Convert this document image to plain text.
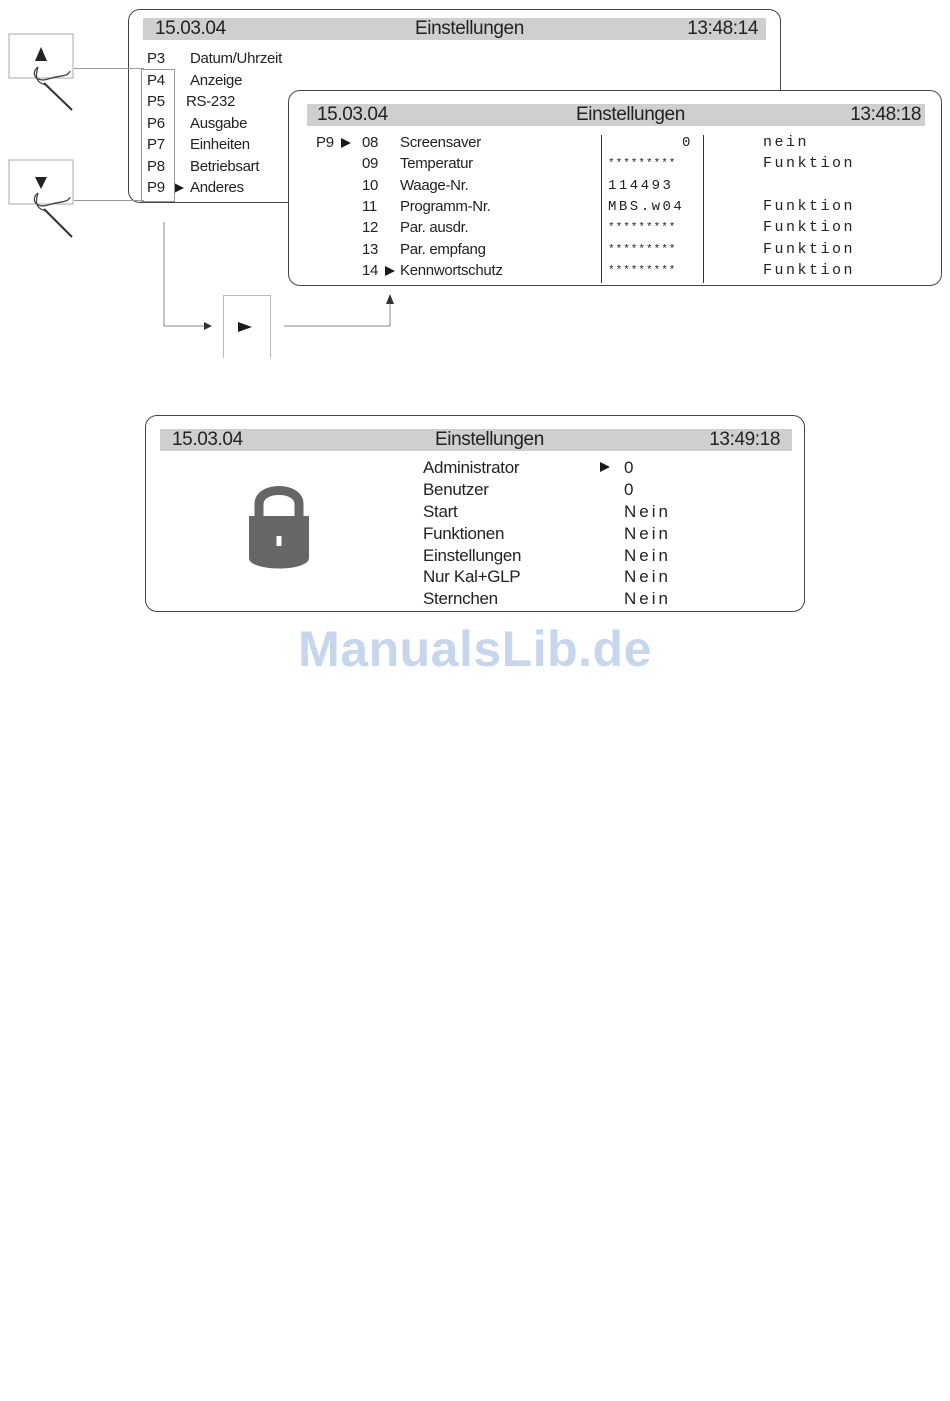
15.03.04	Einstellungen	13:48:14
P3 Datum/Uhrzeit
P4 Anzeige
P5 RS-232
P6 Ausgabe
P7 Einheiten
P8 Betriebsart
P9 Anderes
15.03.04	Einstellungen	13:48:18
P9 08 Screensaver	0	nein
09 Temperatur	*********	Funktion
10 Waage-Nr.	114493
11 Programm-Nr.	MBS.w04	Funktion
12 Par. ausdr.	*********	Funktion
13 Par. empfang	*********	Funktion
14 Kennwortschutz	*********	Funktion
15.03.04	Einstellungen	13:49:18
Administrator	0
Benutzer	0
Start	Nein
Funktionen	Nein
Einstellungen	Nein
Nur Kal+GLP	Nein
Sternchen	Nein
ManualsLib.de
